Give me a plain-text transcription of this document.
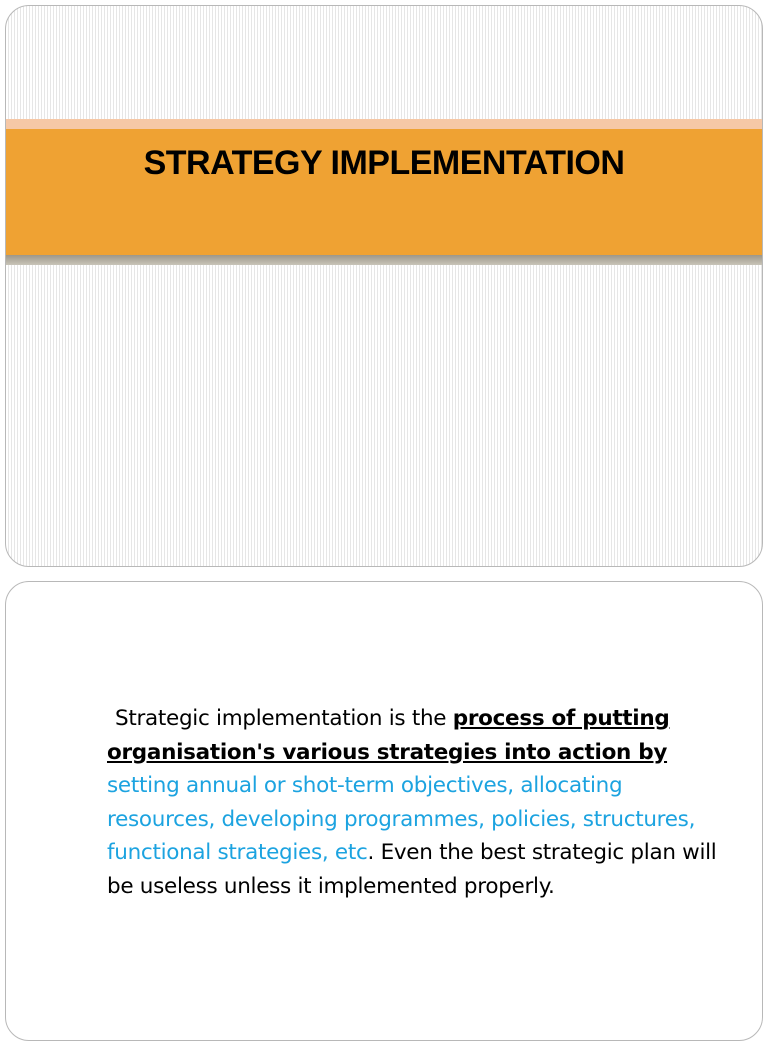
STRATEGY IMPLEMENTATION

Strategic implementation is the process of putting organisation's various strategies into action by setting annual or shot-term objectives, allocating resources, developing programmes, policies, structures, functional strategies, etc. Even the best strategic plan will be useless unless it implemented properly.
